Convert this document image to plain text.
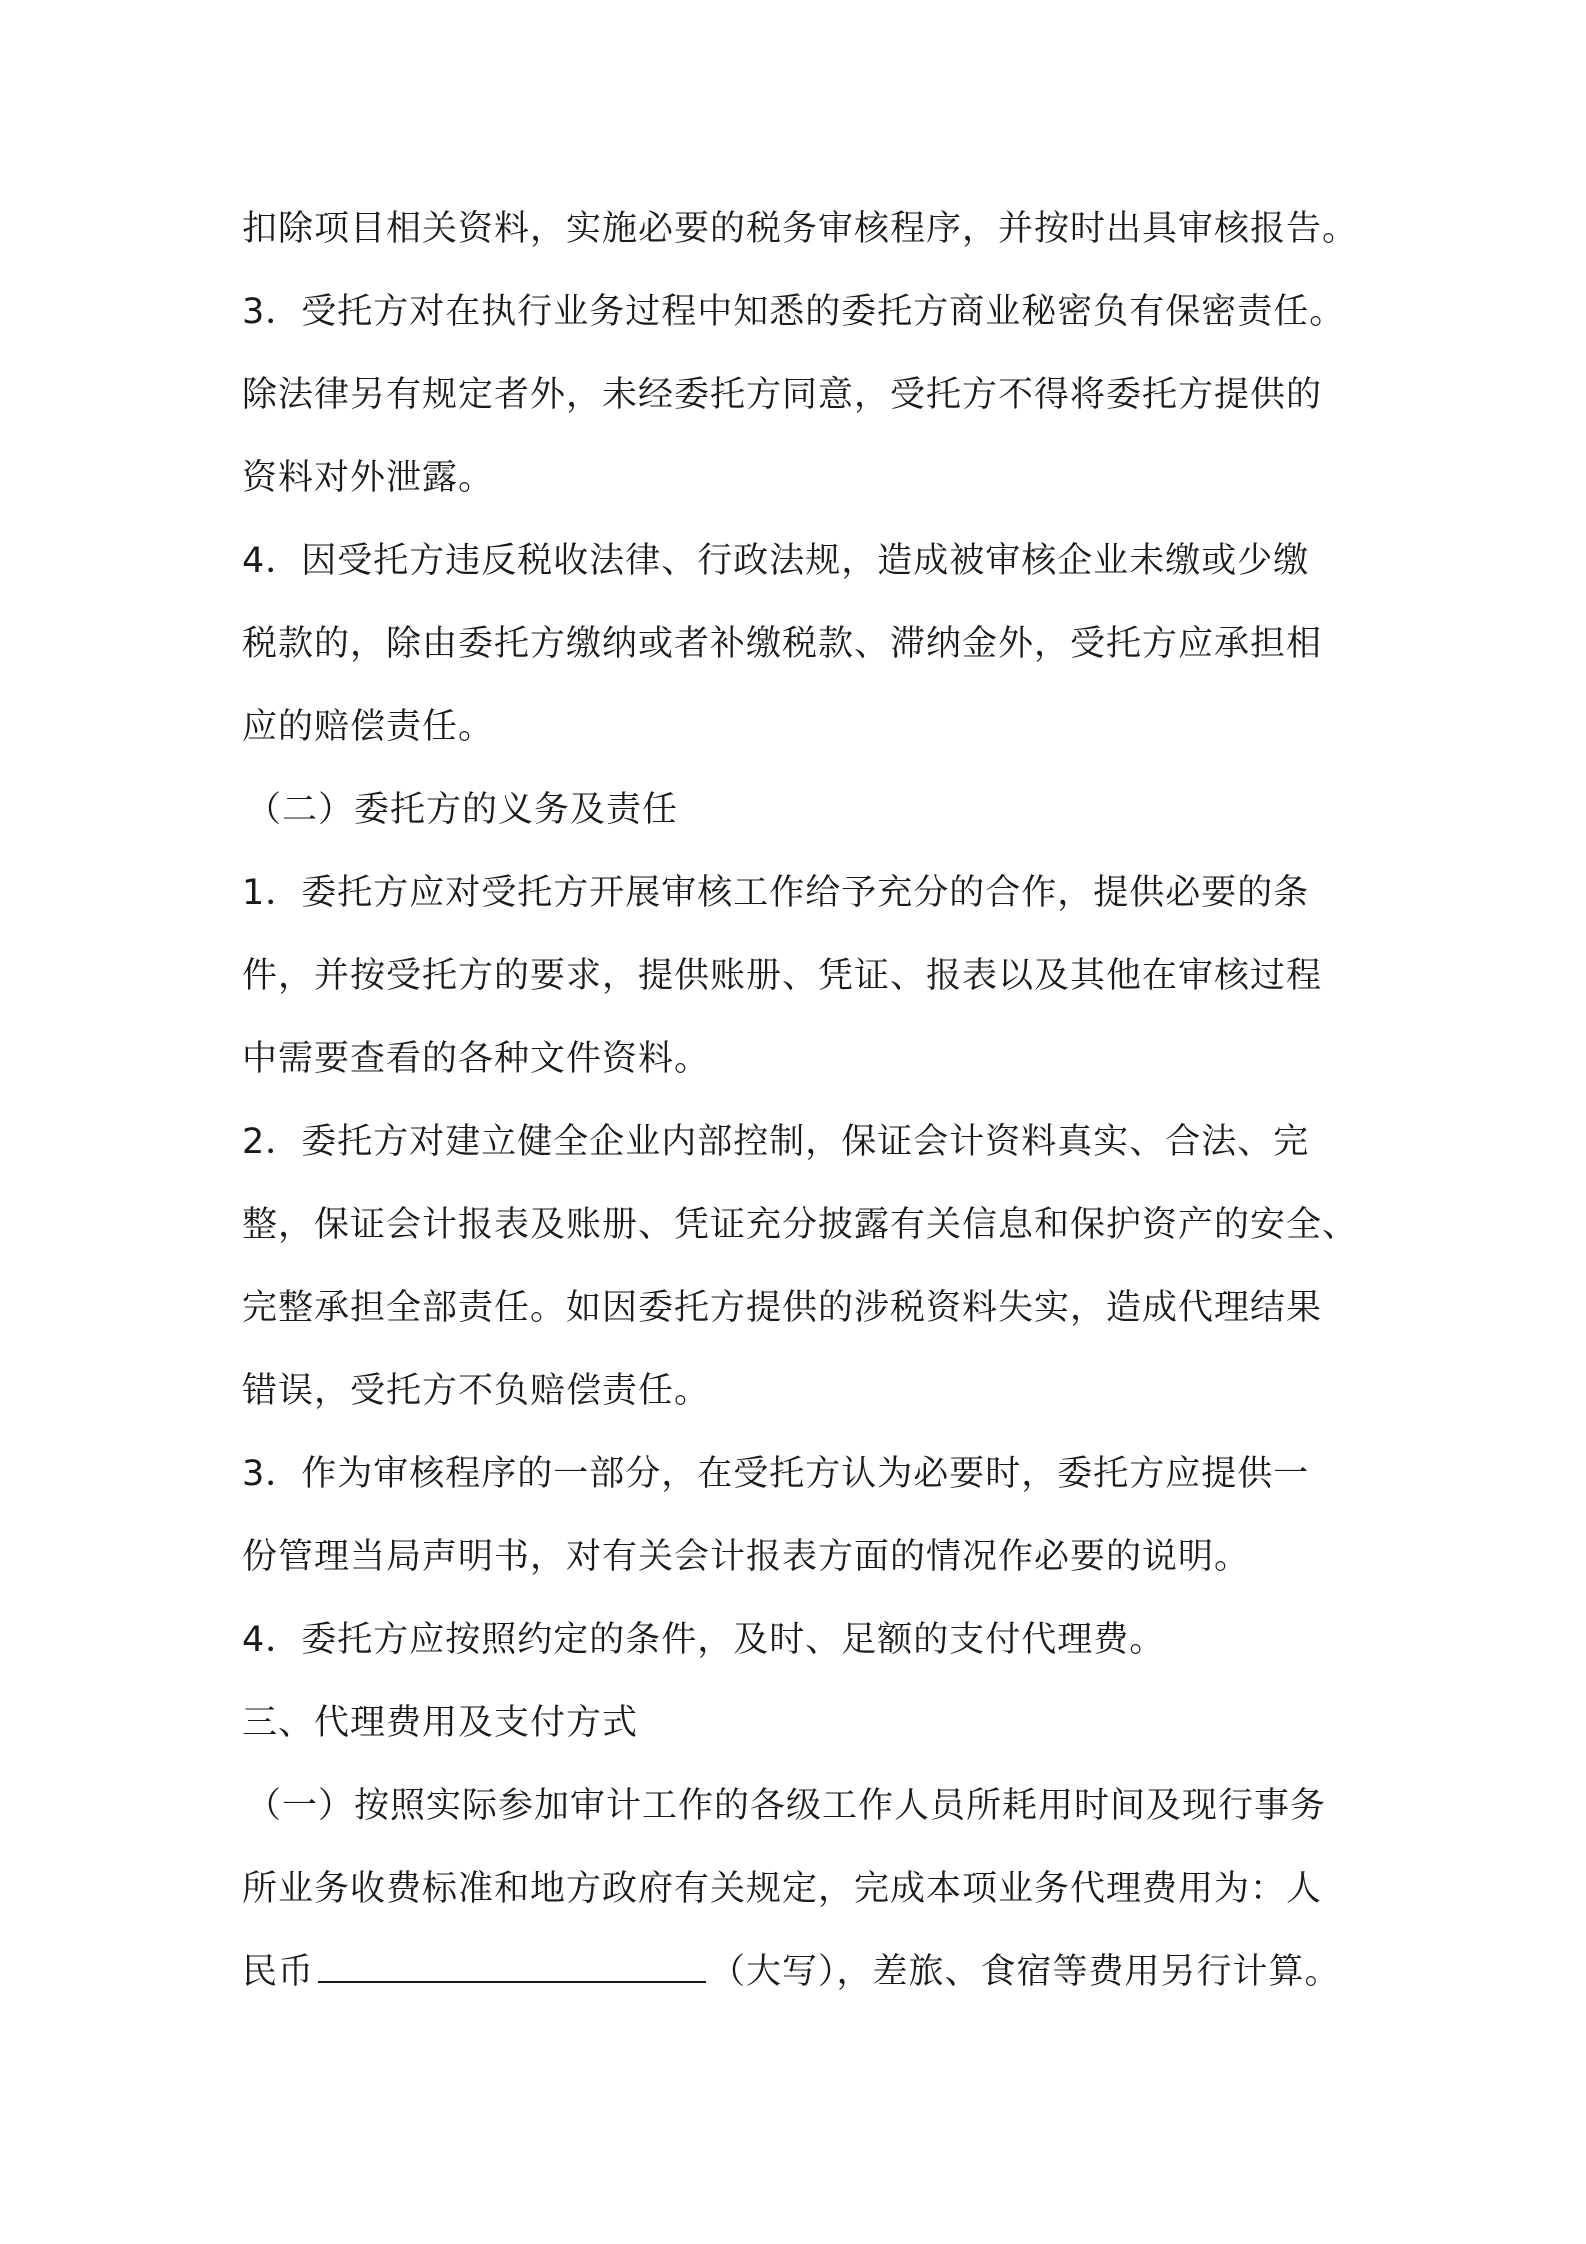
扣除项目相关资料，实施必要的税务审核程序，并按时出具审核报告。
3．受托方对在执行业务过程中知悉的委托方商业秘密负有保密责任。
除法律另有规定者外，未经委托方同意，受托方不得将委托方提供的
资料对外泄露。
4．因受托方违反税收法律、行政法规，造成被审核企业未缴或少缴
税款的，除由委托方缴纳或者补缴税款、滞纳金外，受托方应承担相
应的赔偿责任。
（二）委托方的义务及责任
1．委托方应对受托方开展审核工作给予充分的合作，提供必要的条
件，并按受托方的要求，提供账册、凭证、报表以及其他在审核过程
中需要查看的各种文件资料。
2．委托方对建立健全企业内部控制，保证会计资料真实、合法、完
整，保证会计报表及账册、凭证充分披露有关信息和保护资产的安全、
完整承担全部责任。如因委托方提供的涉税资料失实，造成代理结果
错误，受托方不负赔偿责任。
3．作为审核程序的一部分，在受托方认为必要时，委托方应提供一
份管理当局声明书，对有关会计报表方面的情况作必要的说明。
4．委托方应按照约定的条件，及时、足额的支付代理费。
三、代理费用及支付方式
（一）按照实际参加审计工作的各级工作人员所耗用时间及现行事务
所业务收费标准和地方政府有关规定，完成本项业务代理费用为：人
民币	（大写），差旅、食宿等费用另行计算。
